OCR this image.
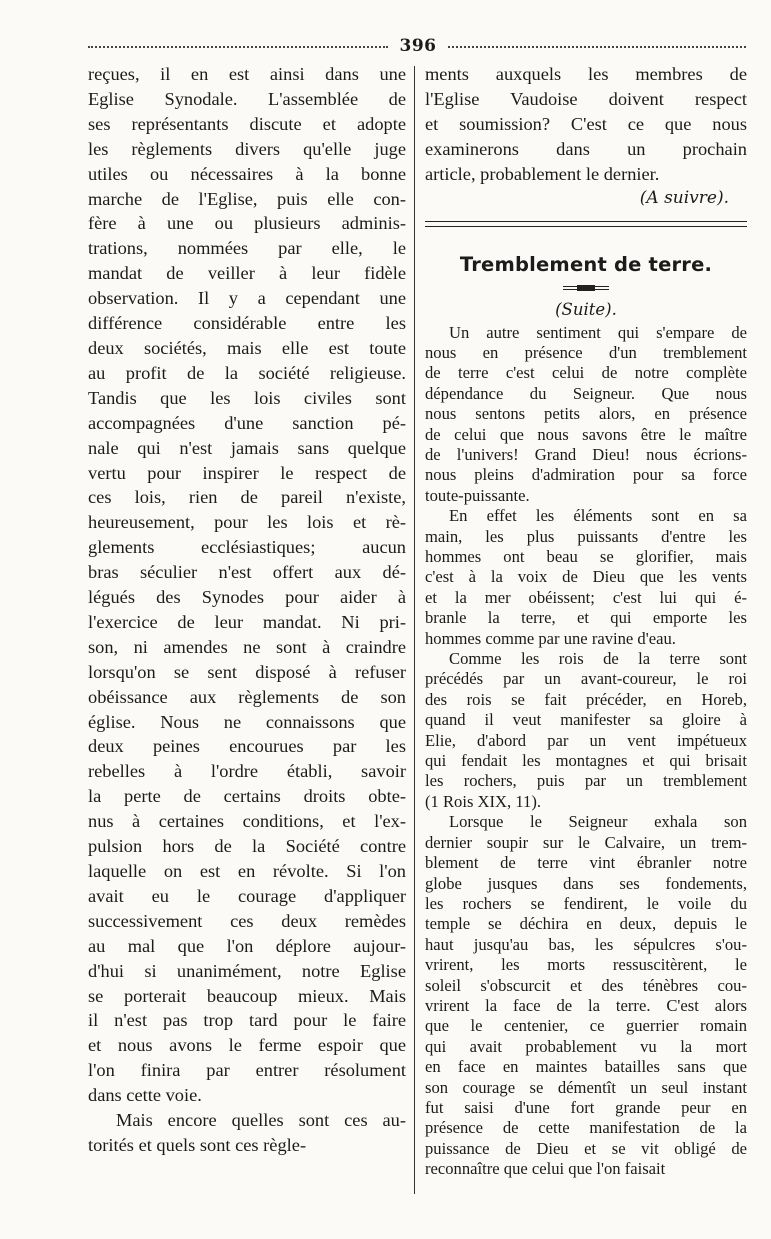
396

reçues, il en est ainsi dans une
Eglise Synodale. L'assemblée de
ses représentants discute et adopte
les règlements divers qu'elle juge
utiles ou nécessaires à la bonne
marche de l'Eglise, puis elle con-
fère à une ou plusieurs adminis-
trations, nommées par elle, le
mandat de veiller à leur fidèle
observation. Il y a cependant une
différence considérable entre les
deux sociétés, mais elle est toute
au profit de la société religieuse.
Tandis que les lois civiles sont
accompagnées d'une sanction pé-
nale qui n'est jamais sans quelque
vertu pour inspirer le respect de
ces lois, rien de pareil n'existe,
heureusement, pour les lois et rè-
glements ecclésiastiques; aucun
bras séculier n'est offert aux dé-
légués des Synodes pour aider à
l'exercice de leur mandat. Ni pri-
son, ni amendes ne sont à craindre
lorsqu'on se sent disposé à refuser
obéissance aux règlements de son
église. Nous ne connaissons que
deux peines encourues par les
rebelles à l'ordre établi, savoir
la perte de certains droits obte-
nus à certaines conditions, et l'ex-
pulsion hors de la Société contre
laquelle on est en révolte. Si l'on
avait eu le courage d'appliquer
successivement ces deux remèdes
au mal que l'on déplore aujour-
d'hui si unanimément, notre Eglise
se porterait beaucoup mieux. Mais
il n'est pas trop tard pour le faire
et nous avons le ferme espoir que
l'on finira par entrer résolument
dans cette voie.

Mais encore quelles sont ces au-
torités et quels sont ces règle-

ments auxquels les membres de
l'Eglise Vaudoise doivent respect
et soumission? C'est ce que nous
examinerons dans un prochain
article, probablement le dernier.
(A suivre).
Tremblement de terre.
(Suite).
Un autre sentiment qui s'empare de
nous en présence d'un tremblement
de terre c'est celui de notre complète
dépendance du Seigneur. Que nous
nous sentons petits alors, en présence
de celui que nous savons être le maître
de l'univers! Grand Dieu! nous écrions-
nous pleins d'admiration pour sa force
toute-puissante.
En effet les éléments sont en sa
main, les plus puissants d'entre les
hommes ont beau se glorifier, mais
c'est à la voix de Dieu que les vents
et la mer obéissent; c'est lui qui é-
branle la terre, et qui emporte les
hommes comme par une ravine d'eau.
Comme les rois de la terre sont
précédés par un avant-coureur, le roi
des rois se fait précéder, en Horeb,
quand il veut manifester sa gloire à
Elie, d'abord par un vent impétueux
qui fendait les montagnes et qui brisait
les rochers, puis par un tremblement
(1 Rois XIX, 11).
Lorsque le Seigneur exhala son
dernier soupir sur le Calvaire, un trem-
blement de terre vint ébranler notre
globe jusques dans ses fondements,
les rochers se fendirent, le voile du
temple se déchira en deux, depuis le
haut jusqu'au bas, les sépulcres s'ou-
vrirent, les morts ressuscitèrent, le
soleil s'obscurcit et des ténèbres cou-
vrirent la face de la terre. C'est alors
que le centenier, ce guerrier romain
qui avait probablement vu la mort
en face en maintes batailles sans que
son courage se démentît un seul instant
fut saisi d'une fort grande peur en
présence de cette manifestation de la
puissance de Dieu et se vit obligé de
reconnaître que celui que l'on faisait
